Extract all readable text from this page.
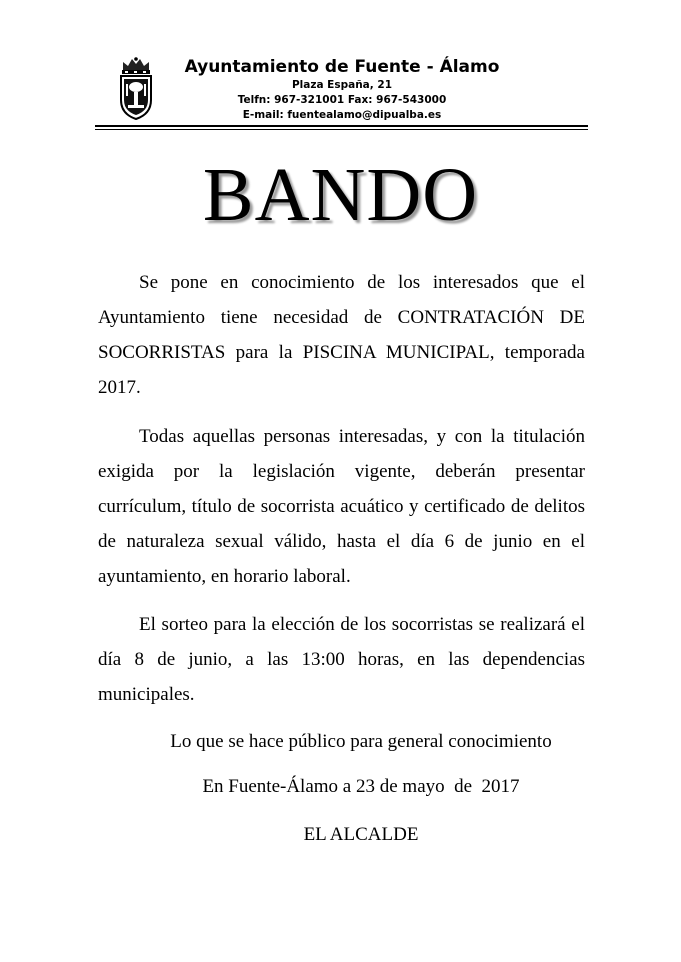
Ayuntamiento de Fuente - Álamo
Plaza España, 21
Telfn: 967-321001 Fax: 967-543000
E-mail: fuentealamo@dipualba.es
BANDO

Se pone en conocimiento de los interesados que el Ayuntamiento tiene necesidad de CONTRATACIÓN DE SOCORRISTAS para la PISCINA MUNICIPAL, temporada 2017.

Todas aquellas personas interesadas, y con la titulación exigida por la legislación vigente, deberán presentar currículum, título de socorrista acuático y certificado de delitos de naturaleza sexual válido, hasta el día 6 de junio en el ayuntamiento, en horario laboral.

El sorteo para la elección de los socorristas se realizará el día 8 de junio, a las 13:00 horas, en las dependencias municipales.

Lo que se hace público para general conocimiento
En Fuente-Álamo a 23 de mayo  de  2017
EL ALCALDE
